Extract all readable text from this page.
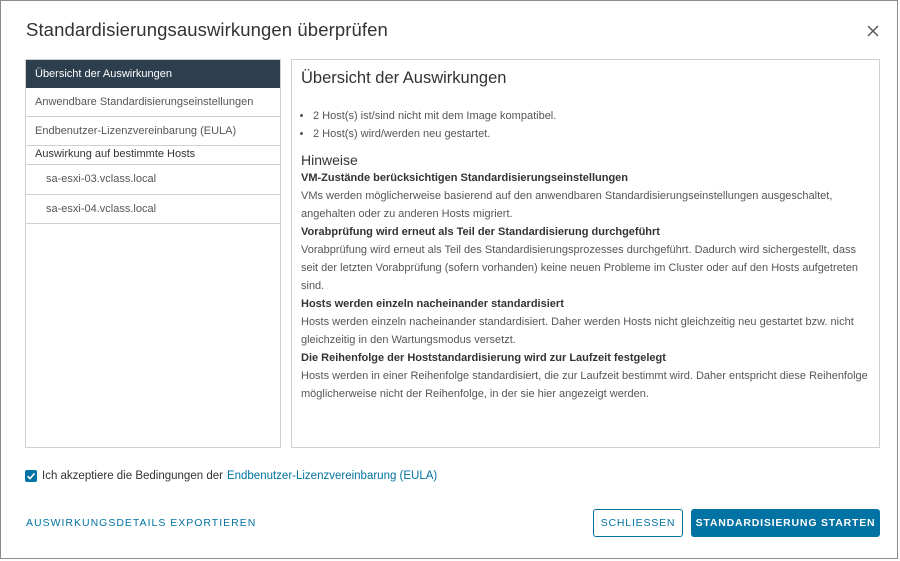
Standardisierungsauswirkungen überprüfen
Übersicht der Auswirkungen
Anwendbare Standardisierungseinstellungen
Endbenutzer-Lizenzvereinbarung (EULA)
Auswirkung auf bestimmte Hosts
sa-esxi-03.vclass.local
sa-esxi-04.vclass.local
Übersicht der Auswirkungen
• 2 Host(s) ist/sind nicht mit dem Image kompatibel.
• 2 Host(s) wird/werden neu gestartet.
Hinweise
VM-Zustände berücksichtigen Standardisierungseinstellungen
VMs werden möglicherweise basierend auf den anwendbaren Standardisierungseinstellungen ausgeschaltet, angehalten oder zu anderen Hosts migriert.
Vorabprüfung wird erneut als Teil der Standardisierung durchgeführt
Vorabprüfung wird erneut als Teil des Standardisierungsprozesses durchgeführt. Dadurch wird sichergestellt, dass seit der letzten Vorabprüfung (sofern vorhanden) keine neuen Probleme im Cluster oder auf den Hosts aufgetreten sind.
Hosts werden einzeln nacheinander standardisiert
Hosts werden einzeln nacheinander standardisiert. Daher werden Hosts nicht gleichzeitig neu gestartet bzw. nicht gleichzeitig in den Wartungsmodus versetzt.
Die Reihenfolge der Hoststandardisierung wird zur Laufzeit festgelegt
Hosts werden in einer Reihenfolge standardisiert, die zur Laufzeit bestimmt wird. Daher entspricht diese Reihenfolge möglicherweise nicht der Reihenfolge, in der sie hier angezeigt werden.
Ich akzeptiere die Bedingungen der Endbenutzer-Lizenzvereinbarung (EULA)
AUSWIRKUNGSDETAILS EXPORTIEREN	SCHLIESSEN	STANDARDISIERUNG STARTEN
